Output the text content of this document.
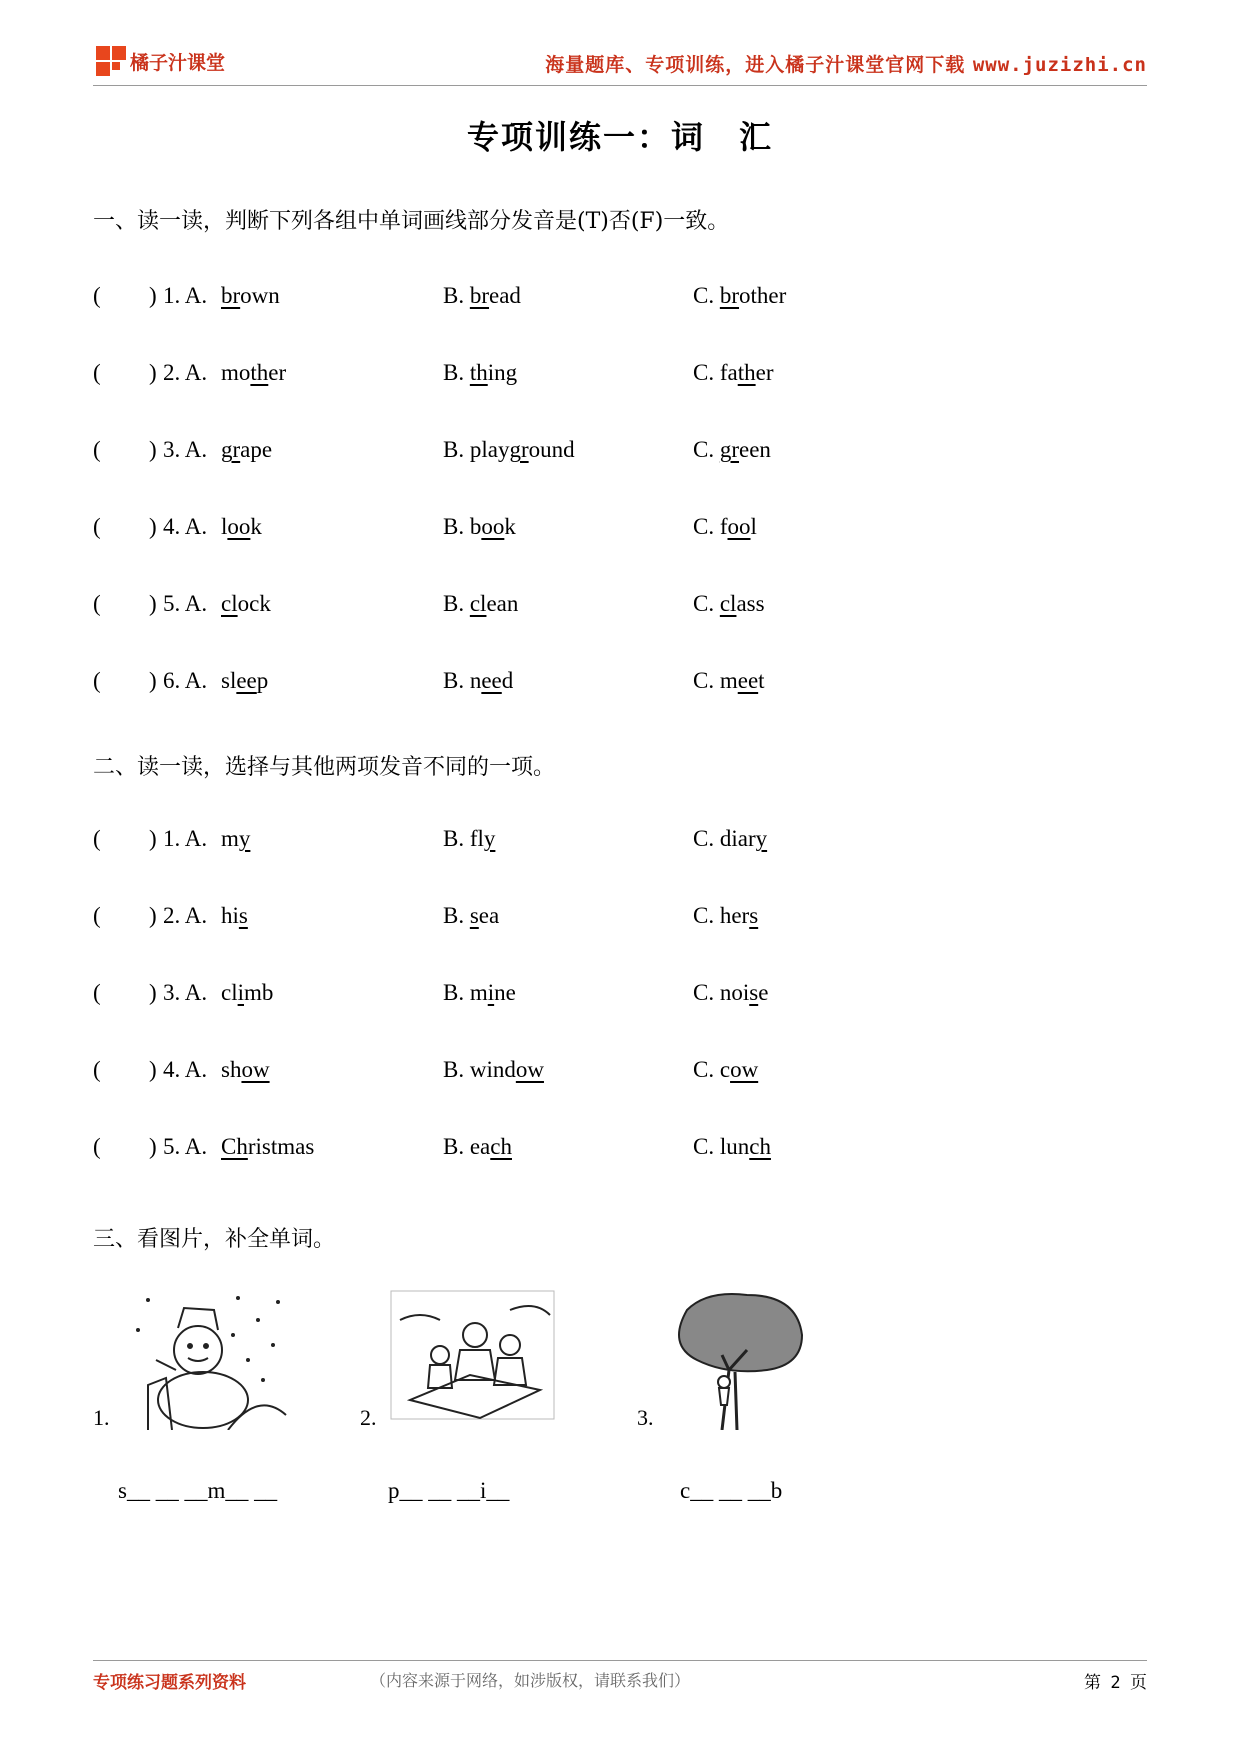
橘子汁课堂	海量题库、专项训练，进入橘子汁课堂官网下载 www.juzizhi.cn
专项训练一：词　汇
一、读一读，判断下列各组中单词画线部分发音是(T)否(F)一致。
( ) 1. A. brown	B. bread	C. brother
( ) 2. A. mother	B. thing	C. father
( ) 3. A. grape	B. playground	C. green
( ) 4. A. look	B. book	C. fool
( ) 5. A. clock	B. clean	C. class
( ) 6. A. sleep	B. need	C. meet
二、读一读，选择与其他两项发音不同的一项。
( ) 1. A. my	B. fly	C. diary
( ) 2. A. his	B. sea	C. hers
( ) 3. A. climb	B. mine	C. noise
( ) 4. A. show	B. window	C. cow
( ) 5. A. Christmas	B. each	C. lunch
三、看图片，补全单词。
1.	2.	3.
s__ __ __m__ __	p__ __ __i__	c__ __ __b
专项练习题系列资料	（内容来源于网络，如涉版权，请联系我们）	第 2 页
